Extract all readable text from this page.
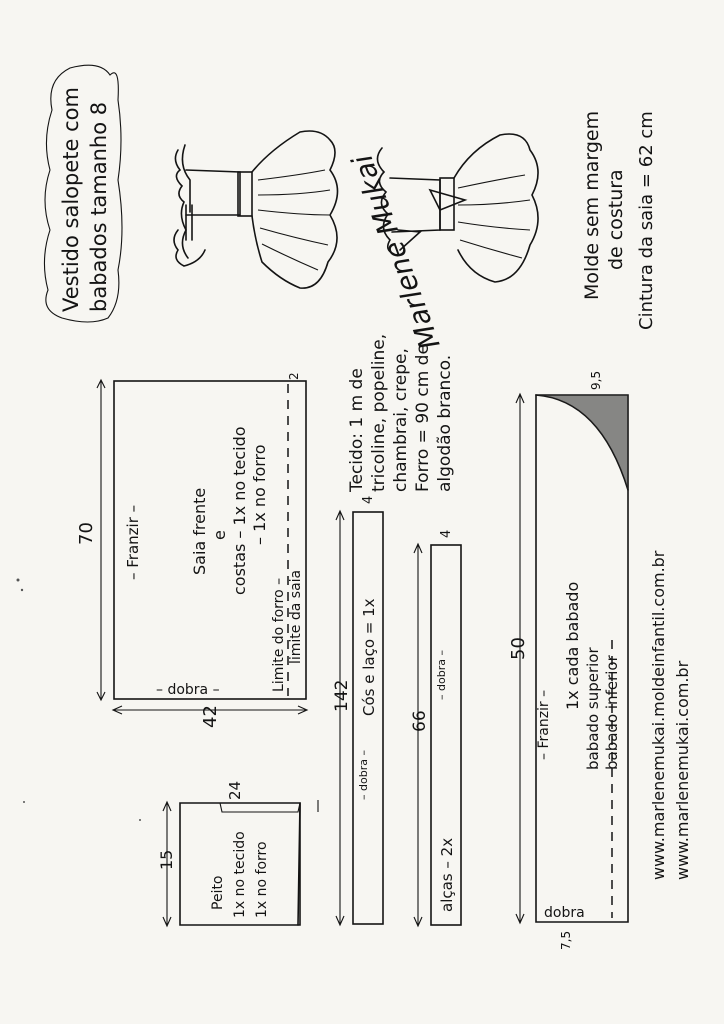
Vestido salopete com babados tamanho 8	Marlene Mukai	Molde sem margem de costura Cintura da saia = 62 cm
Tecido: 1 m de tricoline, popeline, chambrai, crepe, Forro = 90 cm de algodão branco.
70
42
2
– Franzir –
– dobra –
Saia frente e costas – 1x no tecido – 1x no forro
Limite do forro – limite da saia
142
4
Cós e laço = 1x
– dobra –
66
4
– dobra –
alças – 2x
50
9,5
7,5
– Franzir –
1x cada babado babado superior babado inferior
dobra
15
24
Peito 1x no tecido 1x no forro	www.marlenemukai.moldeinfantil.com.br www.marlenemukai.com.br
